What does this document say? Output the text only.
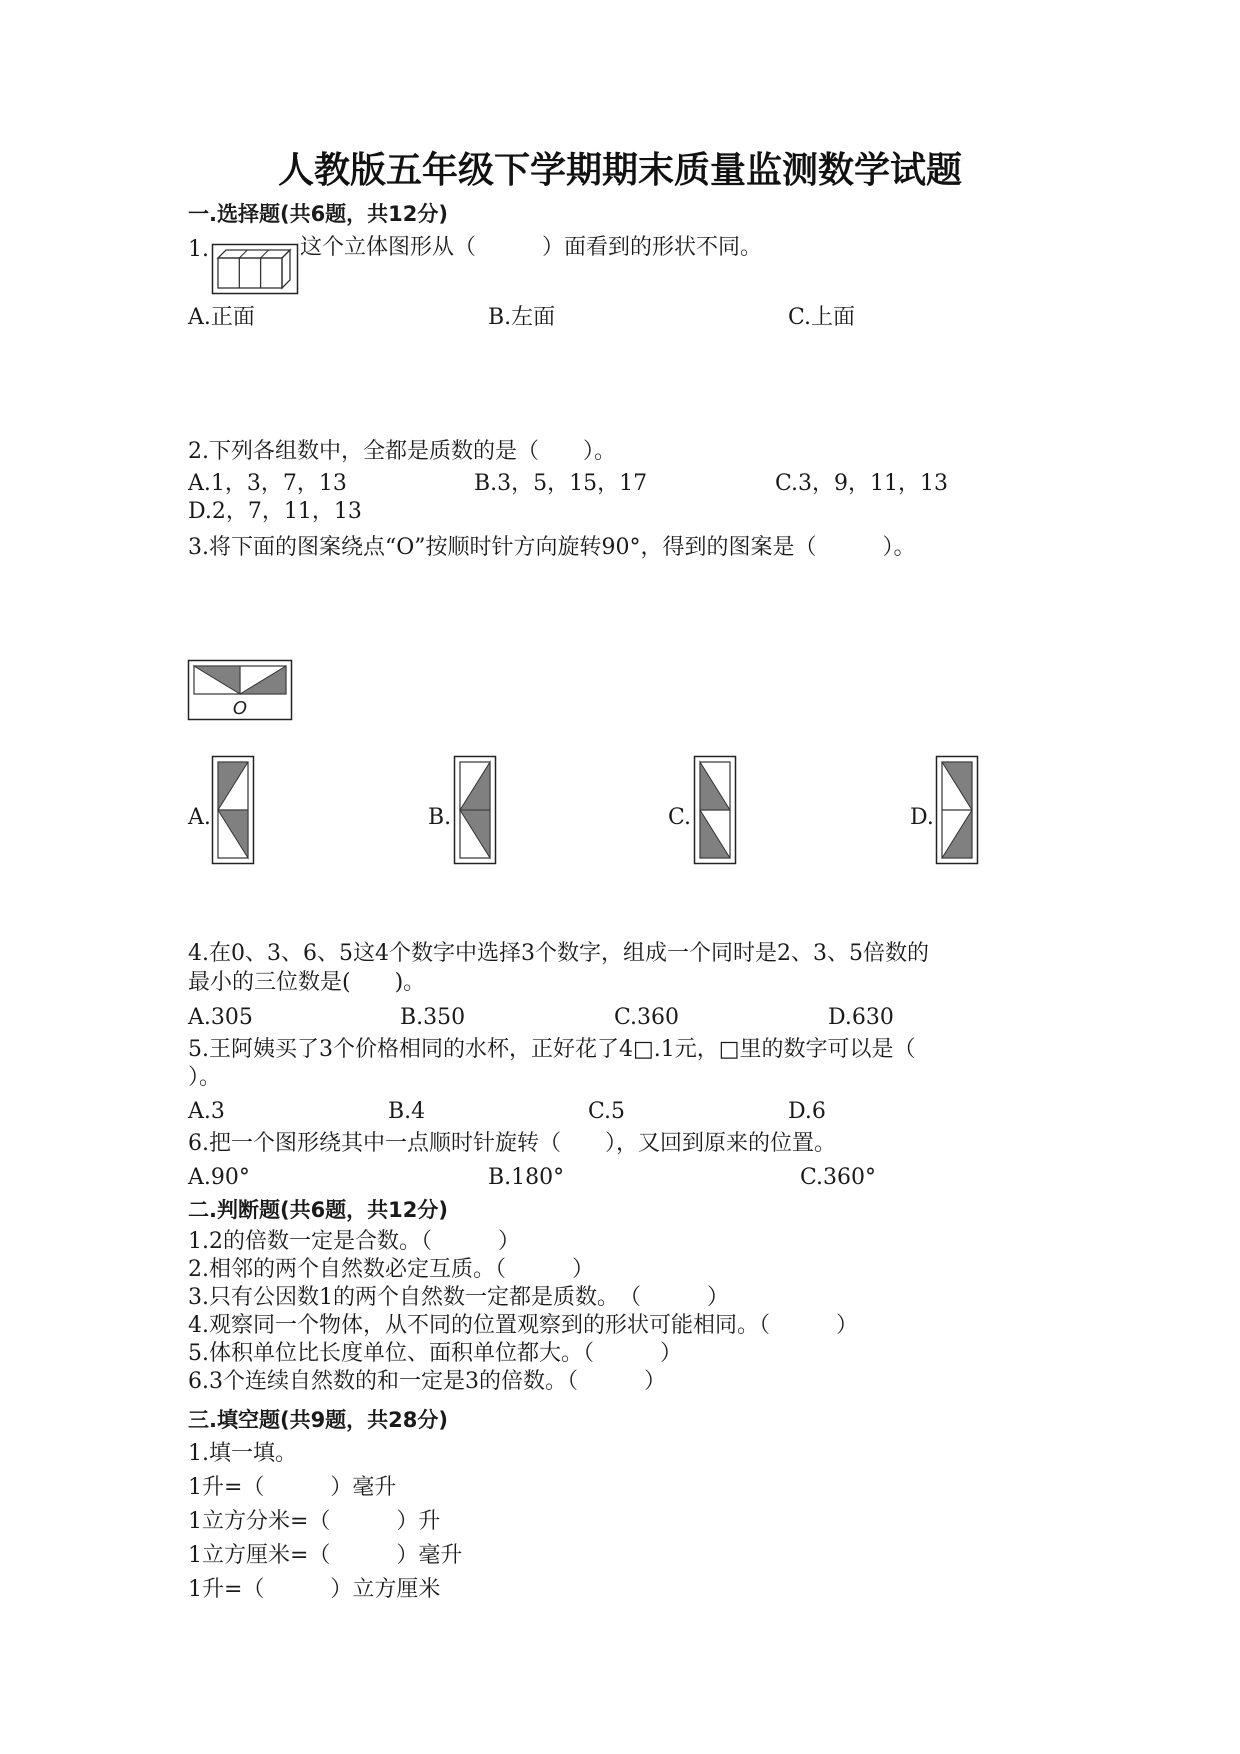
人教版五年级下学期期末质量监测数学试题
一.选择题(共6题，共12分)
1.	这个立体图形从（　　　）面看到的形状不同。
A.正面	B.左面	C.上面
2.下列各组数中，全都是质数的是（　　）。
A.1，3，7，13	B.3，5，15，17	C.3，9，11，13
D.2，7，11，13
3.将下面的图案绕点“O”按顺时针方向旋转90°，得到的图案是（　　　）。
O
A.	B.	C.	D.
4.在0、3、6、5这4个数字中选择3个数字，组成一个同时是2、3、5倍数的
最小的三位数是(　　)。
A.305	B.350	C.360	D.630
5.王阿姨买了3个价格相同的水杯，正好花了4□.1元，□里的数字可以是（
）。
A.3	B.4	C.5	D.6
6.把一个图形绕其中一点顺时针旋转（　　），又回到原来的位置。
A.90°	B.180°	C.360°
二.判断题(共6题，共12分)
1.2的倍数一定是合数。（　　　）
2.相邻的两个自然数必定互质。（　　　）
3.只有公因数1的两个自然数一定都是质数。　（　　　）
4.观察同一个物体，从不同的位置观察到的形状可能相同。（　　　）
5.体积单位比长度单位、面积单位都大。（　　　）
6.3个连续自然数的和一定是3的倍数。（　　　）
三.填空题(共9题，共28分)
1.填一填。
1升=（　　　）毫升
1立方分米=（　　　）升
1立方厘米=（　　　）毫升
1升=（　　　）立方厘米
